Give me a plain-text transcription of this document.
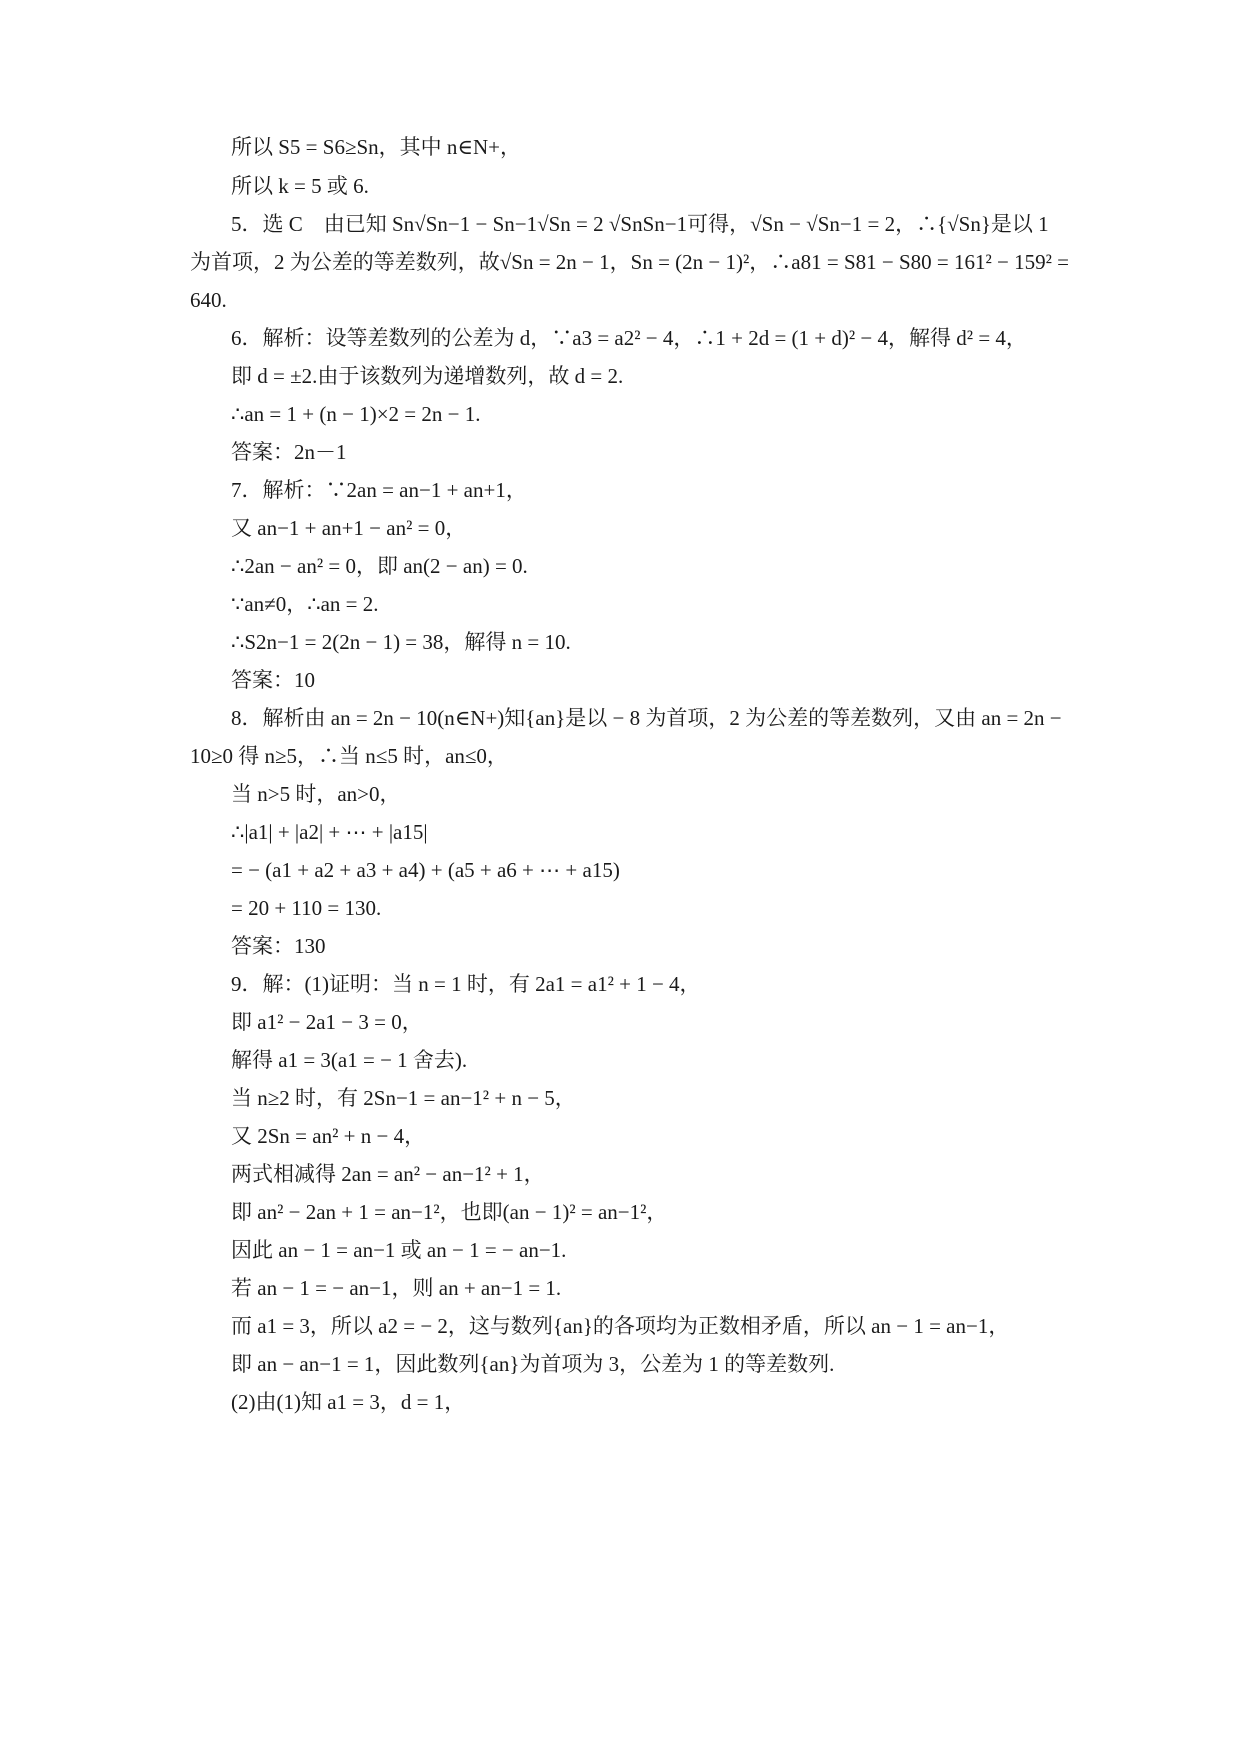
所以 S5 = S6≥Sn，其中 n∈N+，
所以 k = 5 或 6.
5．选 C　由已知 Sn√Sn−1 − Sn−1√Sn = 2 √SnSn−1可得，√Sn − √Sn−1 = 2，∴{√Sn}是以 1
为首项，2 为公差的等差数列，故√Sn = 2n − 1，Sn = (2n − 1)²，∴a81 = S81 − S80 = 161² − 159² =
640.
6．解析：设等差数列的公差为 d，∵a3 = a2² − 4，∴1 + 2d = (1 + d)² − 4，解得 d² = 4，
即 d = ±2.由于该数列为递增数列，故 d = 2.
∴an = 1 + (n − 1)×2 = 2n − 1.
答案：2n－1
7．解析：∵2an = an−1 + an+1，
又 an−1 + an+1 − an² = 0，
∴2an − an² = 0，即 an(2 − an) = 0.
∵an≠0，∴an = 2.
∴S2n−1 = 2(2n − 1) = 38，解得 n = 10.
答案：10
8．解析由 an = 2n − 10(n∈N+)知{an}是以 − 8 为首项，2 为公差的等差数列，又由 an = 2n −
10≥0 得 n≥5，∴当 n≤5 时，an≤0，
当 n>5 时，an>0，
∴|a1| + |a2| + ⋯ + |a15|
= − (a1 + a2 + a3 + a4) + (a5 + a6 + ⋯ + a15)
= 20 + 110 = 130.
答案：130
9．解：(1)证明：当 n = 1 时，有 2a1 = a1² + 1 − 4，
即 a1² − 2a1 − 3 = 0，
解得 a1 = 3(a1 = − 1 舍去).
当 n≥2 时，有 2Sn−1 = an−1² + n − 5，
又 2Sn = an² + n − 4，
两式相减得 2an = an² − an−1² + 1，
即 an² − 2an + 1 = an−1²，也即(an − 1)² = an−1²，
因此 an − 1 = an−1 或 an − 1 = − an−1.
若 an − 1 = − an−1，则 an + an−1 = 1.
而 a1 = 3，所以 a2 = − 2，这与数列{an}的各项均为正数相矛盾，所以 an − 1 = an−1，
即 an − an−1 = 1，因此数列{an}为首项为 3，公差为 1 的等差数列.
(2)由(1)知 a1 = 3，d = 1，
